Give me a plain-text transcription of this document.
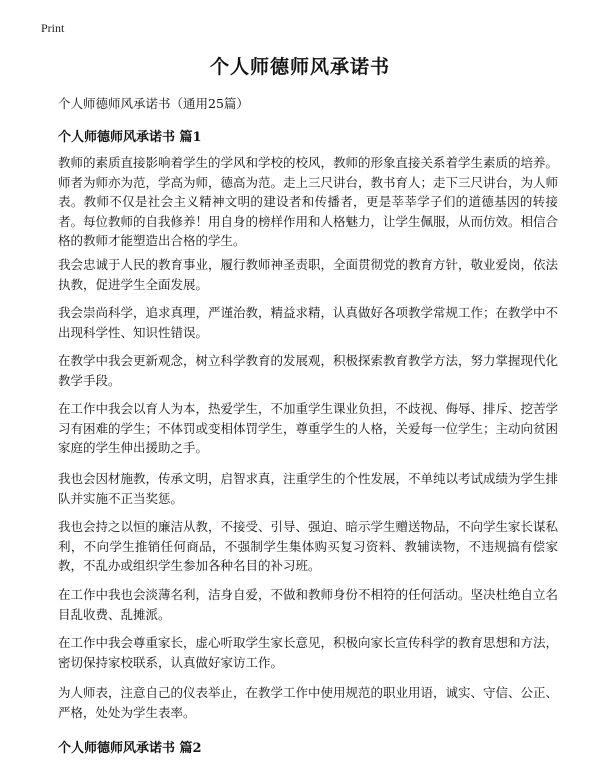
Print
个人师德师风承诺书

个人师德师风承诺书（通用25篇）

个人师德师风承诺书 篇1

教师的素质直接影响着学生的学风和学校的校风，教师的形象直接关系着学生素质的培养。师者为师亦为范，学高为师，德高为范。走上三尺讲台，教书育人；走下三尺讲台，为人师表。教师不仅是社会主义精神文明的建设者和传播者，更是莘莘学子们的道德基因的转接者。每位教师的自我修养！用自身的榜样作用和人格魅力，让学生佩服，从而仿效。相信合格的教师才能塑造出合格的学生。

我会忠诚于人民的教育事业，履行教师神圣责职，全面贯彻党的教育方针，敬业爱岗，依法执教，促进学生全面发展。

我会崇尚科学，追求真理，严谨治教，精益求精，认真做好各项教学常规工作；在教学中不出现科学性、知识性错误。

在教学中我会更新观念，树立科学教育的发展观，积极探索教育教学方法，努力掌握现代化教学手段。

在工作中我会以育人为本，热爱学生，不加重学生课业负担，不歧视、侮辱、排斥、挖苦学习有困难的学生；不体罚或变相体罚学生，尊重学生的人格，关爱每一位学生；主动向贫困家庭的学生伸出援助之手。

我也会因材施教，传承文明，启智求真，注重学生的个性发展，不单纯以考试成绩为学生排队并实施不正当奖惩。

我也会持之以恒的廉洁从教，不接受、引导、强迫、暗示学生赠送物品，不向学生家长谋私利，不向学生推销任何商品，不强制学生集体购买复习资料、教辅读物，不违规搞有偿家教，不乱办或组织学生参加各种名目的补习班。

在工作中我也会淡薄名利，洁身自爱，不做和教师身份不相符的任何活动。坚决杜绝自立名目乱收费、乱摊派。

在工作中我会尊重家长，虚心听取学生家长意见，积极向家长宣传科学的教育思想和方法，密切保持家校联系，认真做好家访工作。

为人师表，注意自己的仪表举止，在教学工作中使用规范的职业用语，诚实、守信、公正、严格，处处为学生表率。

个人师德师风承诺书 篇2
